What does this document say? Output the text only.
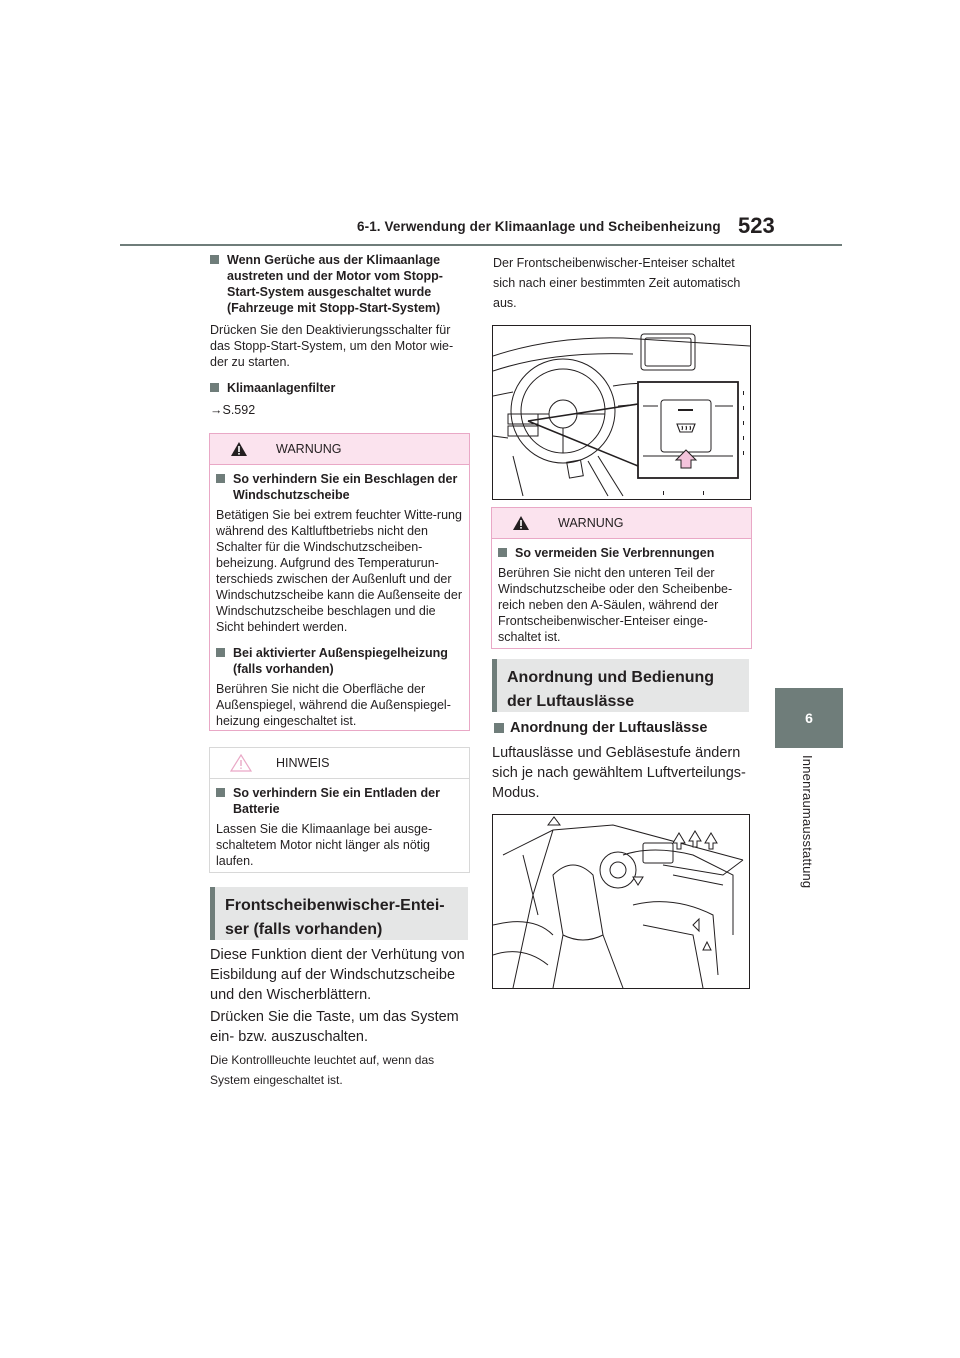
6-1. Verwendung der Klimaanlage und Scheibenheizung 523
6
Innenraumausstattung
Wenn Gerüche aus der Klimaanlage austreten und der Motor vom Stopp-Start-System ausgeschaltet wurde (Fahrzeuge mit Stopp-Start-System)
Drücken Sie den Deaktivierungsschalter für das Stopp-Start-System, um den Motor wie-der zu starten.
Klimaanlagenfilter
→S.592
WARNUNG
So verhindern Sie ein Beschlagen der Windschutzscheibe
Betätigen Sie bei extrem feuchter Witte-rung während des Kaltluftbetriebs nicht den Schalter für die Windschutzscheiben-beheizung. Aufgrund des Temperaturun-terschieds zwischen der Außenluft und der Windschutzscheibe kann die Außenseite der Windschutzscheibe beschlagen und die Sicht behindert werden.
Bei aktivierter Außenspiegelheizung (falls vorhanden)
Berühren Sie nicht die Oberfläche der Außenspiegel, während die Außenspiegel-heizung eingeschaltet ist.
HINWEIS
So verhindern Sie ein Entladen der Batterie
Lassen Sie die Klimaanlage bei ausge-schaltetem Motor nicht länger als nötig laufen.
Frontscheibenwischer-Entei-ser (falls vorhanden)
Diese Funktion dient der Verhütung von Eisbildung auf der Windschutzscheibe und den Wischerblättern.
Drücken Sie die Taste, um das System ein- bzw. auszuschalten.
Die Kontrollleuchte leuchtet auf, wenn das System eingeschaltet ist.
Der Frontscheibenwischer-Enteiser schaltet sich nach einer bestimmten Zeit automatisch aus.
WARNUNG
So vermeiden Sie Verbrennungen
Berühren Sie nicht den unteren Teil der Windschutzscheibe oder den Scheibenbe-reich neben den A-Säulen, während der Frontscheibenwischer-Enteiser einge-schaltet ist.
Anordnung und Bedienung der Luftauslässe
Anordnung der Luftauslässe
Luftauslässe und Gebläsestufe ändern sich je nach gewähltem Luftverteilungs-Modus.
